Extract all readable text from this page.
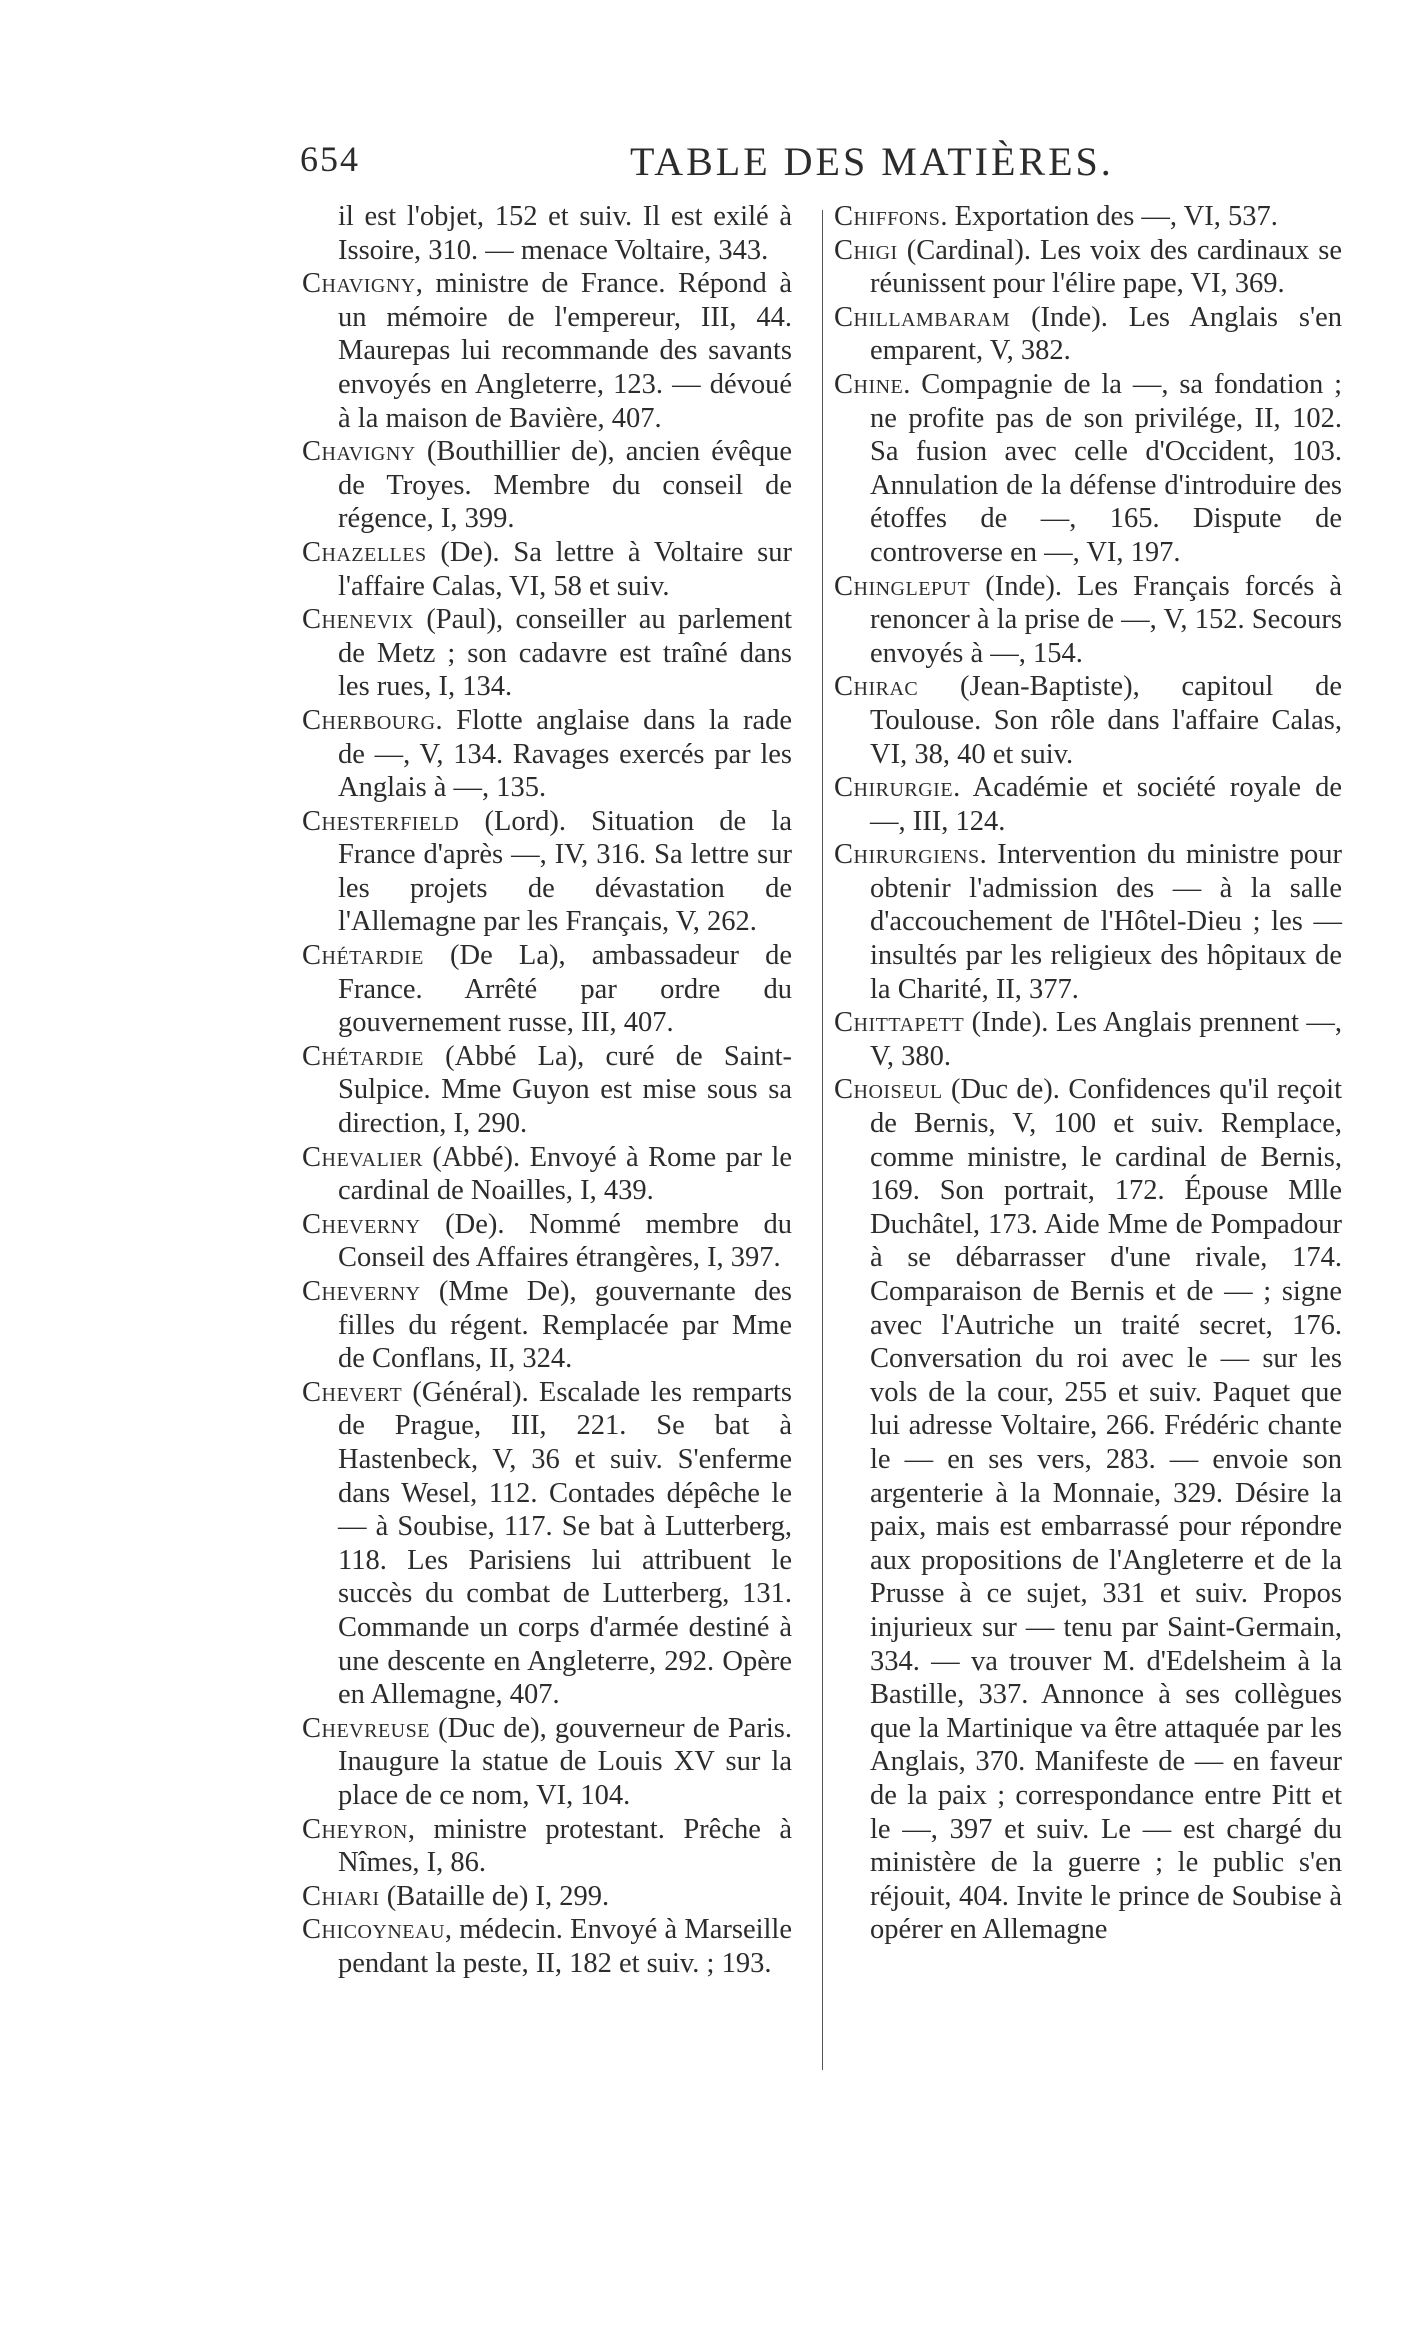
654	TABLE DES MATIÈRES.

il est l'objet, 152 et suiv. Il est exilé à Issoire, 310. — menace Voltaire, 343.

Chavigny, ministre de France. Répond à un mémoire de l'empereur, III, 44. Maurepas lui recommande des savants envoyés en Angleterre, 123. — dévoué à la maison de Bavière, 407.

Chavigny (Bouthillier de), ancien évêque de Troyes. Membre du conseil de régence, I, 399.

Chazelles (De). Sa lettre à Voltaire sur l'affaire Calas, VI, 58 et suiv.

Chenevix (Paul), conseiller au parlement de Metz ; son cadavre est traîné dans les rues, I, 134.

Cherbourg. Flotte anglaise dans la rade de —, V, 134. Ravages exercés par les Anglais à —, 135.

Chesterfield (Lord). Situation de la France d'après —, IV, 316. Sa lettre sur les projets de dévastation de l'Allemagne par les Français, V, 262.

Chétardie (De La), ambassadeur de France. Arrêté par ordre du gouvernement russe, III, 407.

Chétardie (Abbé La), curé de Saint-Sulpice. Mme Guyon est mise sous sa direction, I, 290.

Chevalier (Abbé). Envoyé à Rome par le cardinal de Noailles, I, 439.

Cheverny (De). Nommé membre du Conseil des Affaires étrangères, I, 397.

Cheverny (Mme De), gouvernante des filles du régent. Remplacée par Mme de Conflans, II, 324.

Chevert (Général). Escalade les remparts de Prague, III, 221. Se bat à Hastenbeck, V, 36 et suiv. S'enferme dans Wesel, 112. Contades dépêche le — à Soubise, 117. Se bat à Lutterberg, 118. Les Parisiens lui attribuent le succès du combat de Lutterberg, 131. Commande un corps d'armée destiné à une descente en Angleterre, 292. Opère en Allemagne, 407.

Chevreuse (Duc de), gouverneur de Paris. Inaugure la statue de Louis XV sur la place de ce nom, VI, 104.

Cheyron, ministre protestant. Prêche à Nîmes, I, 86.

Chiari (Bataille de) I, 299.

Chicoyneau, médecin. Envoyé à Marseille pendant la peste, II, 182 et suiv. ; 193.

Chiffons. Exportation des —, VI, 537.

Chigi (Cardinal). Les voix des cardinaux se réunissent pour l'élire pape, VI, 369.

Chillambaram (Inde). Les Anglais s'en emparent, V, 382.

Chine. Compagnie de la —, sa fondation ; ne profite pas de son privilége, II, 102. Sa fusion avec celle d'Occident, 103. Annulation de la défense d'introduire des étoffes de —, 165. Dispute de controverse en —, VI, 197.

Chingleput (Inde). Les Français forcés à renoncer à la prise de —, V, 152. Secours envoyés à —, 154.

Chirac (Jean-Baptiste), capitoul de Toulouse. Son rôle dans l'affaire Calas, VI, 38, 40 et suiv.

Chirurgie. Académie et société royale de —, III, 124.

Chirurgiens. Intervention du ministre pour obtenir l'admission des — à la salle d'accouchement de l'Hôtel-Dieu ; les — insultés par les religieux des hôpitaux de la Charité, II, 377.

Chittapett (Inde). Les Anglais prennent —, V, 380.

Choiseul (Duc de). Confidences qu'il reçoit de Bernis, V, 100 et suiv. Remplace, comme ministre, le cardinal de Bernis, 169. Son portrait, 172. Épouse Mlle Duchâtel, 173. Aide Mme de Pompadour à se débarrasser d'une rivale, 174. Comparaison de Bernis et de — ; signe avec l'Autriche un traité secret, 176. Conversation du roi avec le — sur les vols de la cour, 255 et suiv. Paquet que lui adresse Voltaire, 266. Frédéric chante le — en ses vers, 283. — envoie son argenterie à la Monnaie, 329. Désire la paix, mais est embarrassé pour répondre aux propositions de l'Angleterre et de la Prusse à ce sujet, 331 et suiv. Propos injurieux sur — tenu par Saint-Germain, 334. — va trouver M. d'Edelsheim à la Bastille, 337. Annonce à ses collègues que la Martinique va être attaquée par les Anglais, 370. Manifeste de — en faveur de la paix ; correspondance entre Pitt et le —, 397 et suiv. Le — est chargé du ministère de la guerre ; le public s'en réjouit, 404. Invite le prince de Soubise à opérer en Allemagne
